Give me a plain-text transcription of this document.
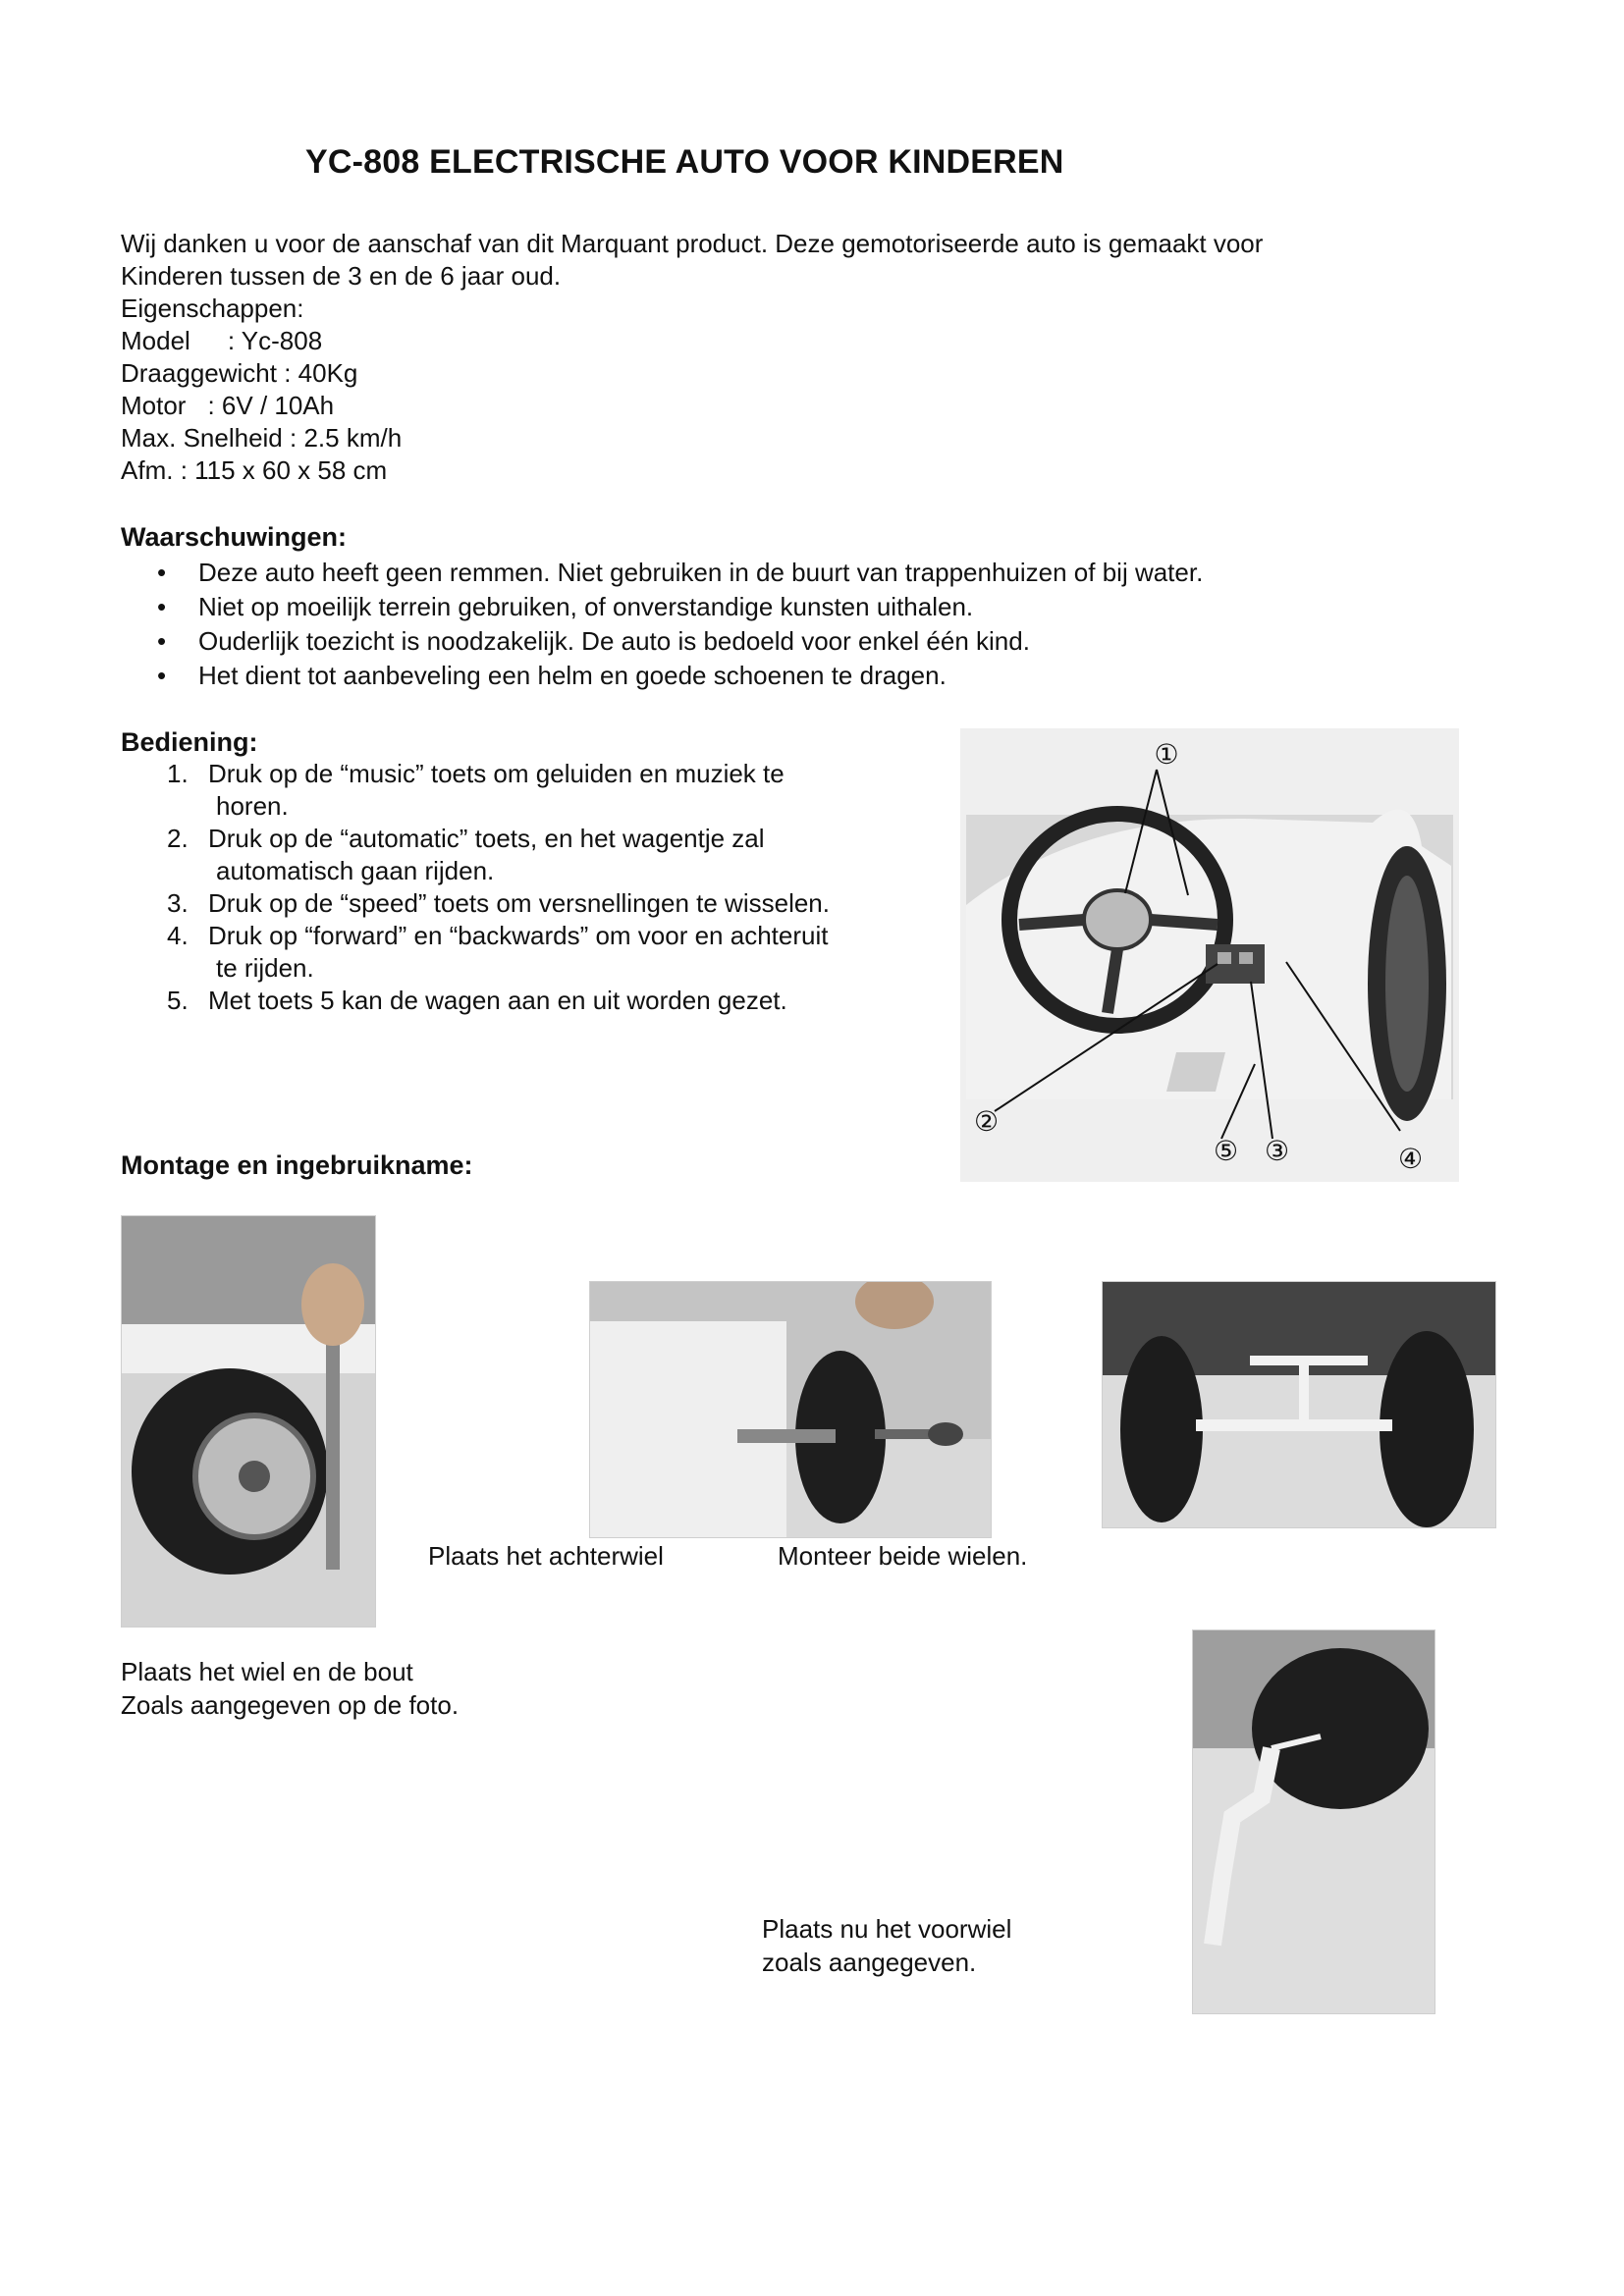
YC-808 ELECTRISCHE AUTO VOOR KINDEREN
Wij danken u voor de aanschaf van dit Marquant product. Deze gemotoriseerde auto is gemaakt voor
Kinderen tussen de 3 en de 6 jaar oud.
Eigenschappen:
Model : Yc-808
Draaggewicht : 40Kg
Motor : 6V / 10Ah
Max. Snelheid : 2.5 km/h
Afm. : 115 x 60 x 58 cm
Waarschuwingen:
• Deze auto heeft geen remmen. Niet gebruiken in de buurt van trappenhuizen of bij water.
• Niet op moeilijk terrein gebruiken, of onverstandige kunsten uithalen.
• Ouderlijk toezicht is noodzakelijk. De auto is bedoeld voor enkel één kind.
• Het dient tot aanbeveling een helm en goede schoenen te dragen.
Bediening:
1. Druk op de “music” toets om geluiden en muziek te
horen.
2. Druk op de “automatic” toets, en het wagentje zal
automatisch gaan rijden.
3. Druk op de “speed” toets om versnellingen te wisselen.
4. Druk op “forward” en “backwards” om voor en achteruit
te rijden.
5. Met toets 5 kan de wagen aan en uit worden gezet.
①
②
③	④
⑤
Montage en ingebruikname:
Plaats het achterwiel	Monteer beide wielen.
Plaats het wiel en de bout
Zoals aangegeven op de foto.
Plaats nu het voorwiel
zoals aangegeven.
